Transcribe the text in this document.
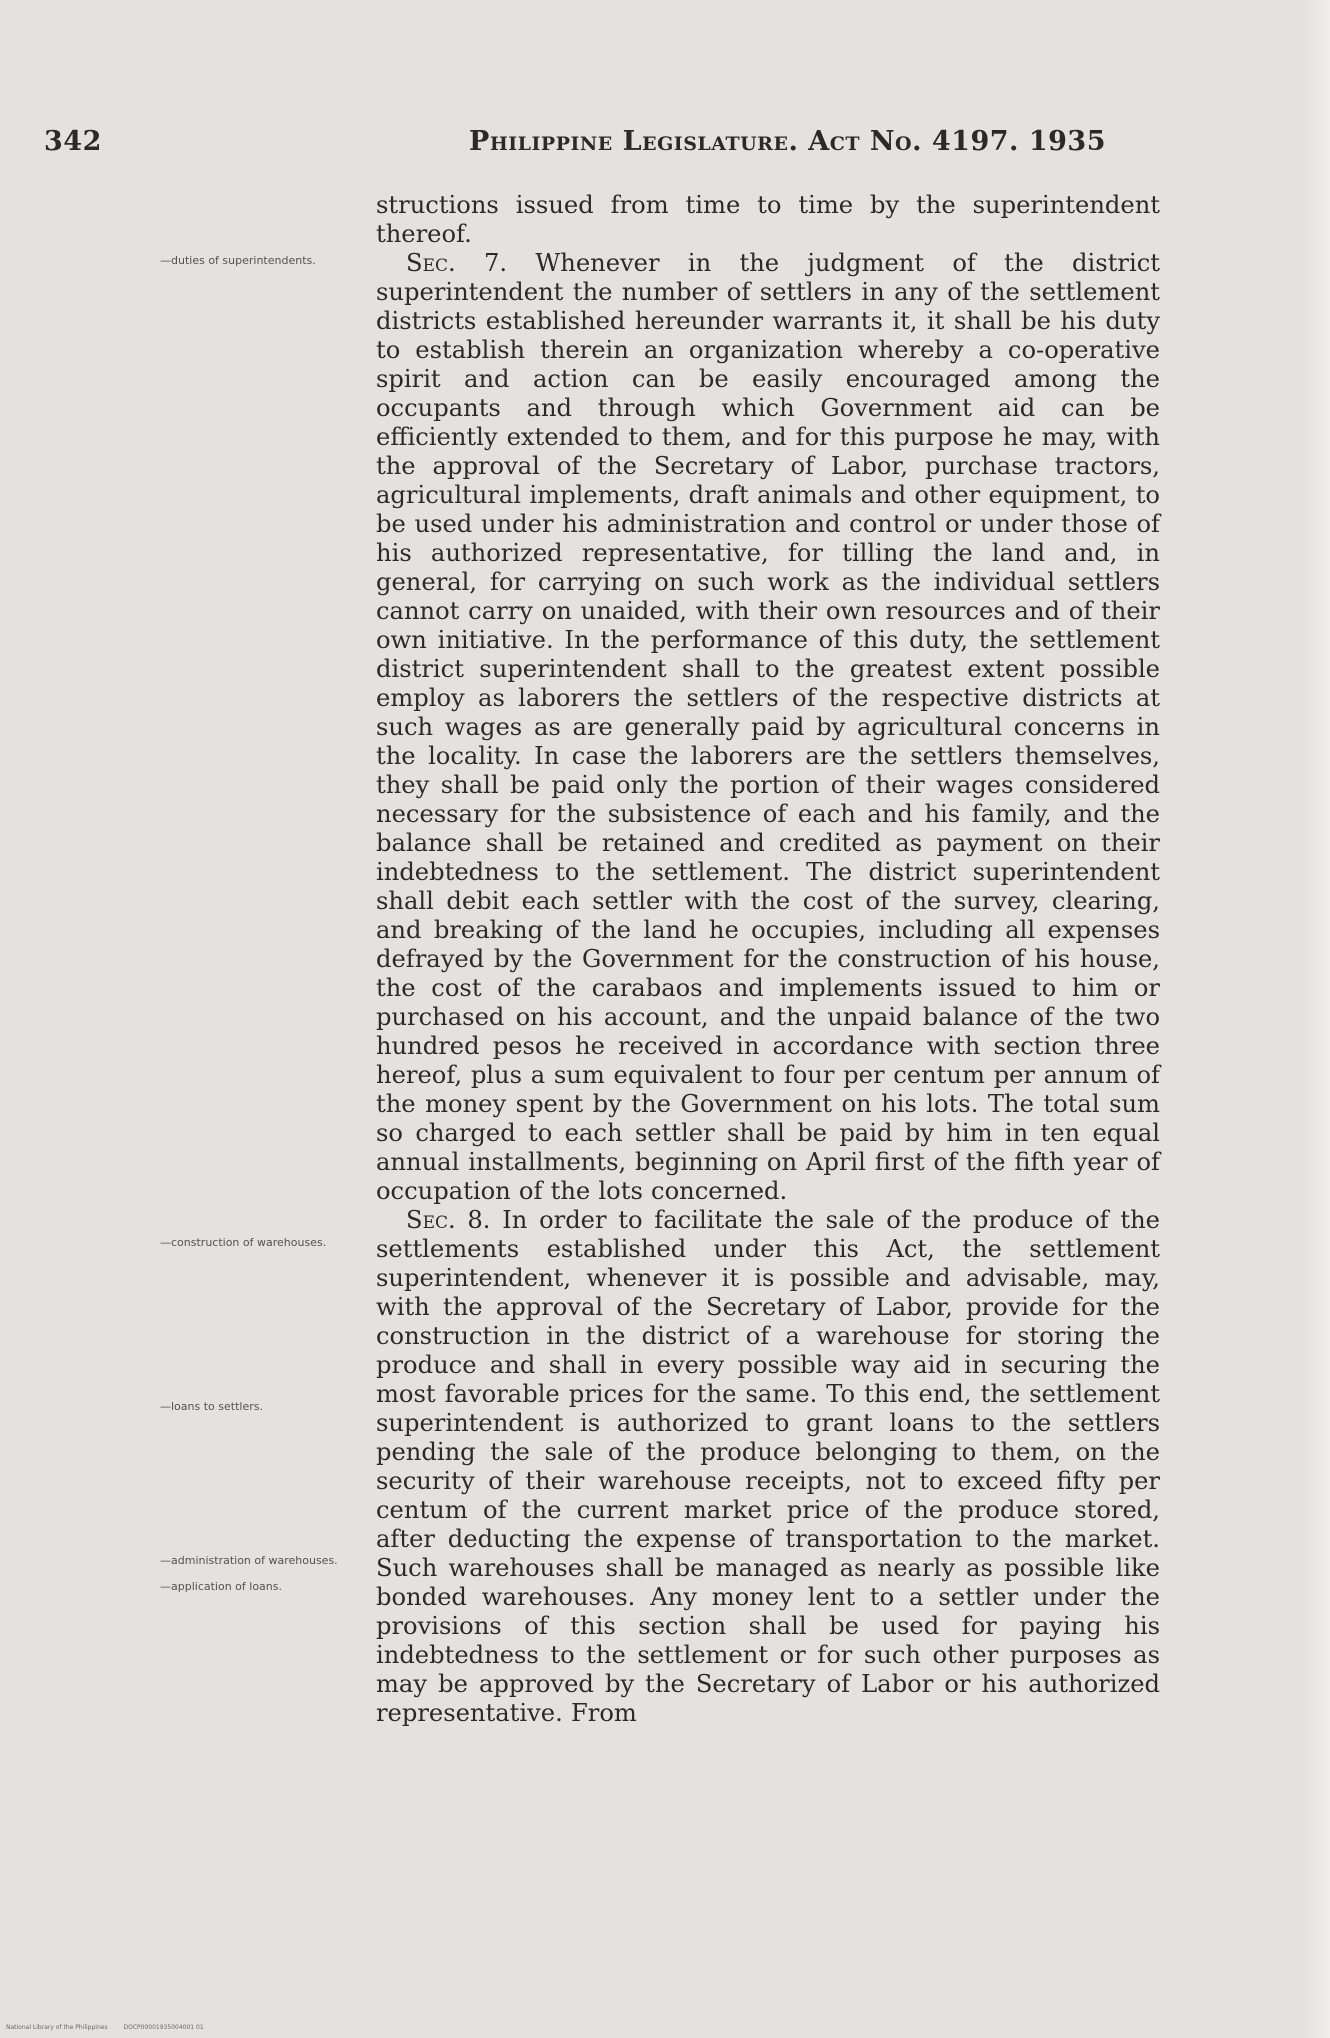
342	Philippine Legislature. Act No. 4197. 1935
—duties of superintendents.
—construction of warehouses.
—loans to settlers.
—administration of warehouses.
—application of loans.

structions issued from time to time by the superintendent thereof.

Sec. 7. Whenever in the judgment of the district superintendent the number of settlers in any of the settlement districts established hereunder warrants it, it shall be his duty to establish therein an organization whereby a co-operative spirit and action can be easily encouraged among the occupants and through which Government aid can be efficiently extended to them, and for this purpose he may, with the approval of the Secretary of Labor, purchase tractors, agricultural implements, draft animals and other equipment, to be used under his administration and control or under those of his authorized representative, for tilling the land and, in general, for carrying on such work as the individual settlers cannot carry on unaided, with their own resources and of their own initiative. In the performance of this duty, the settlement district superintendent shall to the greatest extent possible employ as laborers the settlers of the respective districts at such wages as are generally paid by agricultural concerns in the locality. In case the laborers are the settlers themselves, they shall be paid only the portion of their wages considered necessary for the subsistence of each and his family, and the balance shall be retained and credited as payment on their indebtedness to the settlement. The district superintendent shall debit each settler with the cost of the survey, clearing, and breaking of the land he occupies, including all expenses defrayed by the Government for the construction of his house, the cost of the carabaos and implements issued to him or purchased on his account, and the unpaid balance of the two hundred pesos he received in accordance with section three hereof, plus a sum equivalent to four per centum per annum of the money spent by the Government on his lots. The total sum so charged to each settler shall be paid by him in ten equal annual installments, beginning on April first of the fifth year of occupation of the lots concerned.

Sec. 8. In order to facilitate the sale of the produce of the settlements established under this Act, the settlement superintendent, whenever it is possible and advisable, may, with the approval of the Secretary of Labor, provide for the construction in the district of a warehouse for storing the produce and shall in every possible way aid in securing the most favorable prices for the same. To this end, the settlement superintendent is authorized to grant loans to the settlers pending the sale of the produce belonging to them, on the security of their warehouse receipts, not to exceed fifty per centum of the current market price of the produce stored, after deducting the expense of transportation to the market. Such warehouses shall be managed as nearly as possible like bonded warehouses. Any money lent to a settler under the provisions of this section shall be used for paying his indebtedness to the settlement or for such other purposes as may be approved by the Secretary of Labor or his authorized representative. From

National Library of the Philippines	DOCP00001935004001 01
